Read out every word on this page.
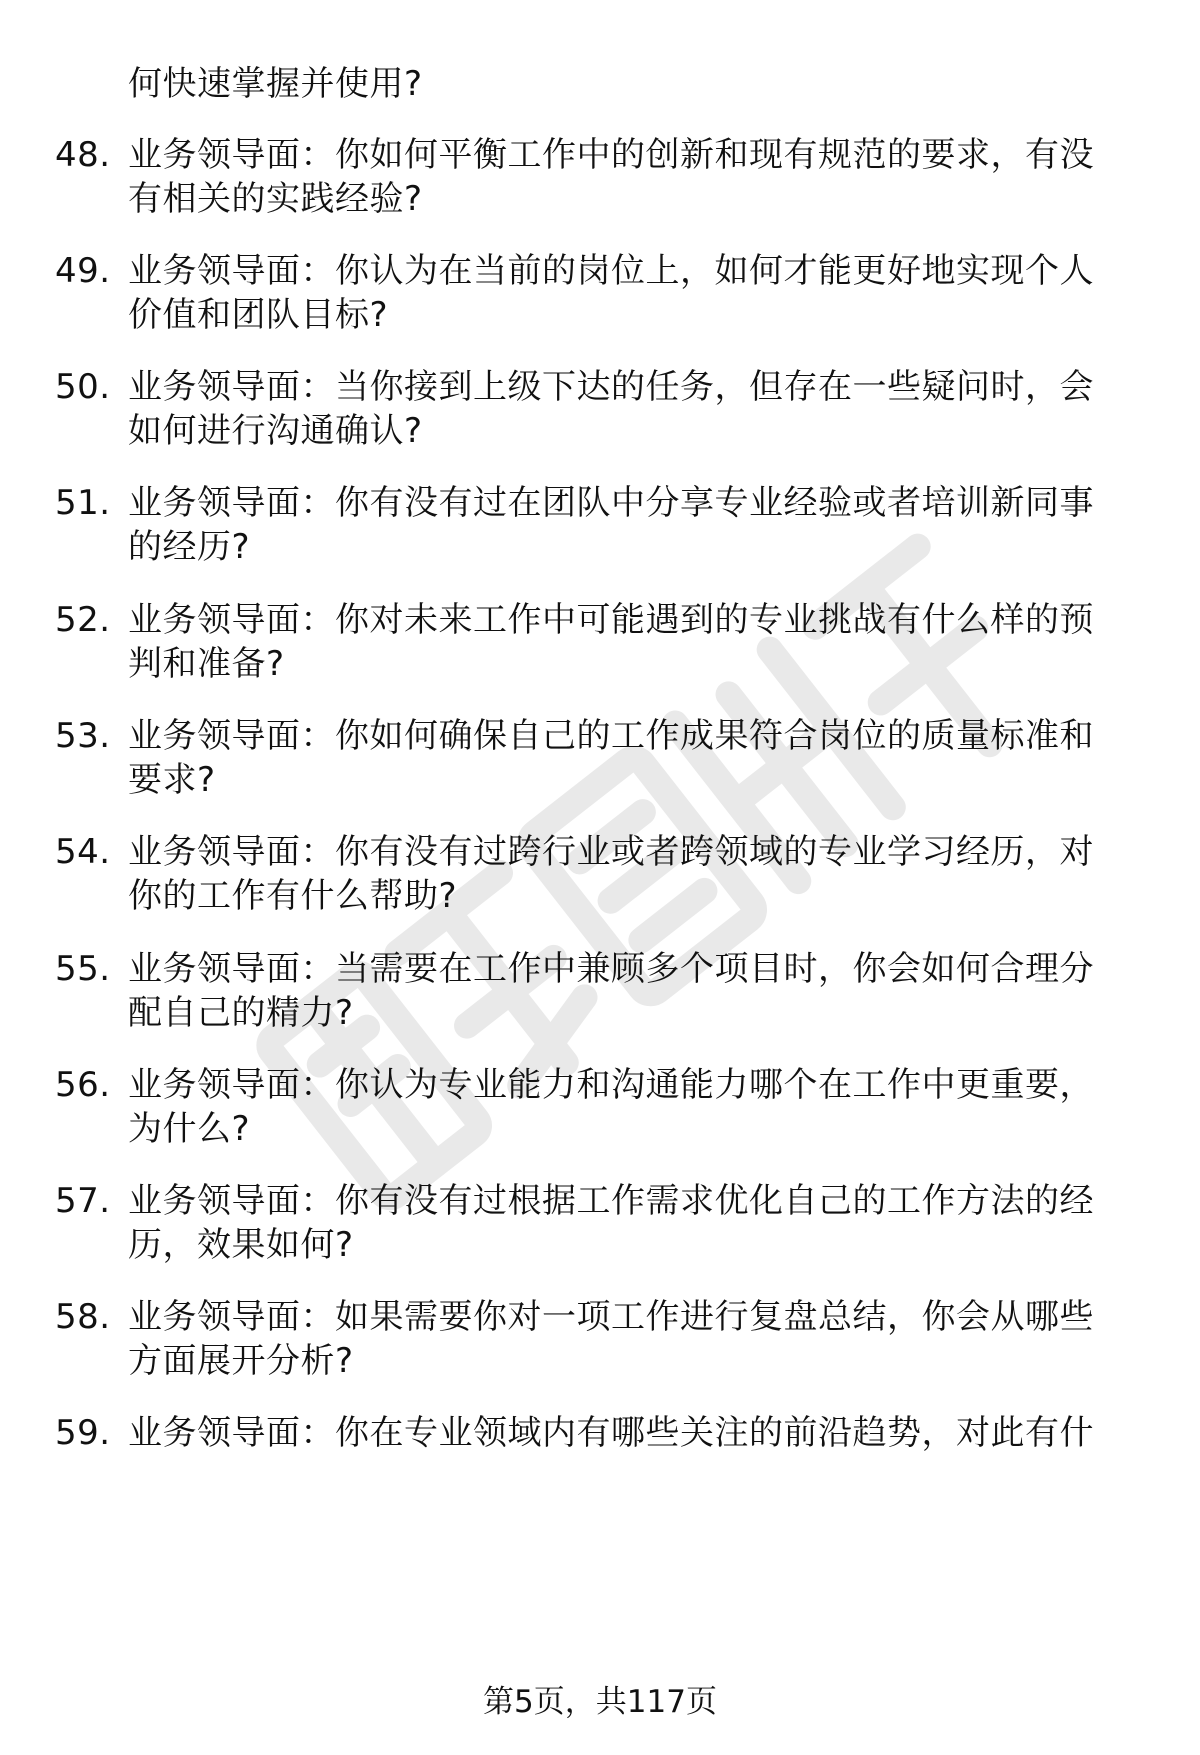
何快速掌握并使用?
48. 业务领导面：你如何平衡工作中的创新和现有规范的要求，有没
有相关的实践经验?
49. 业务领导面：你认为在当前的岗位上，如何才能更好地实现个人
价值和团队目标?
50. 业务领导面：当你接到上级下达的任务，但存在一些疑问时，会
如何进行沟通确认?
51. 业务领导面：你有没有过在团队中分享专业经验或者培训新同事
的经历?
52. 业务领导面：你对未来工作中可能遇到的专业挑战有什么样的预
判和准备?
53. 业务领导面：你如何确保自己的工作成果符合岗位的质量标准和
要求?
54. 业务领导面：你有没有过跨行业或者跨领域的专业学习经历，对
你的工作有什么帮助?
55. 业务领导面：当需要在工作中兼顾多个项目时，你会如何合理分
配自己的精力?
56. 业务领导面：你认为专业能力和沟通能力哪个在工作中更重要，
为什么?
57. 业务领导面：你有没有过根据工作需求优化自己的工作方法的经
历，效果如何?
58. 业务领导面：如果需要你对一项工作进行复盘总结，你会从哪些
方面展开分析?
59. 业务领导面：你在专业领域内有哪些关注的前沿趋势，对此有什
第5页，共117页
